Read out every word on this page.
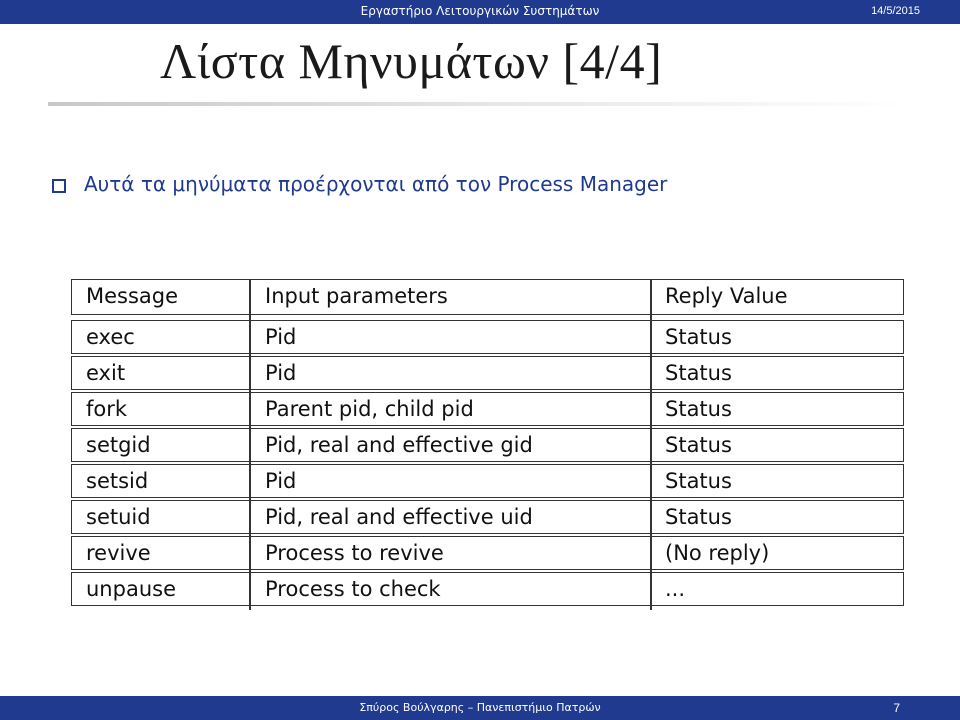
Εργαστήριο Λειτουργικών Συστημάτων	14/5/2015
Λίστα Μηνυμάτων [4/4]
Αυτά τα μηνύματα προέρχονται από τον Process Manager
Message	Input parameters	Reply Value
exec	Pid	Status
exit	Pid	Status
fork	Parent pid, child pid	Status
setgid	Pid, real and effective gid	Status
setsid	Pid	Status
setuid	Pid, real and effective uid	Status
revive	Process to revive	(No reply)
unpause	Process to check	...
Σπύρος Βούλγαρης – Πανεπιστήμιο Πατρών	7
